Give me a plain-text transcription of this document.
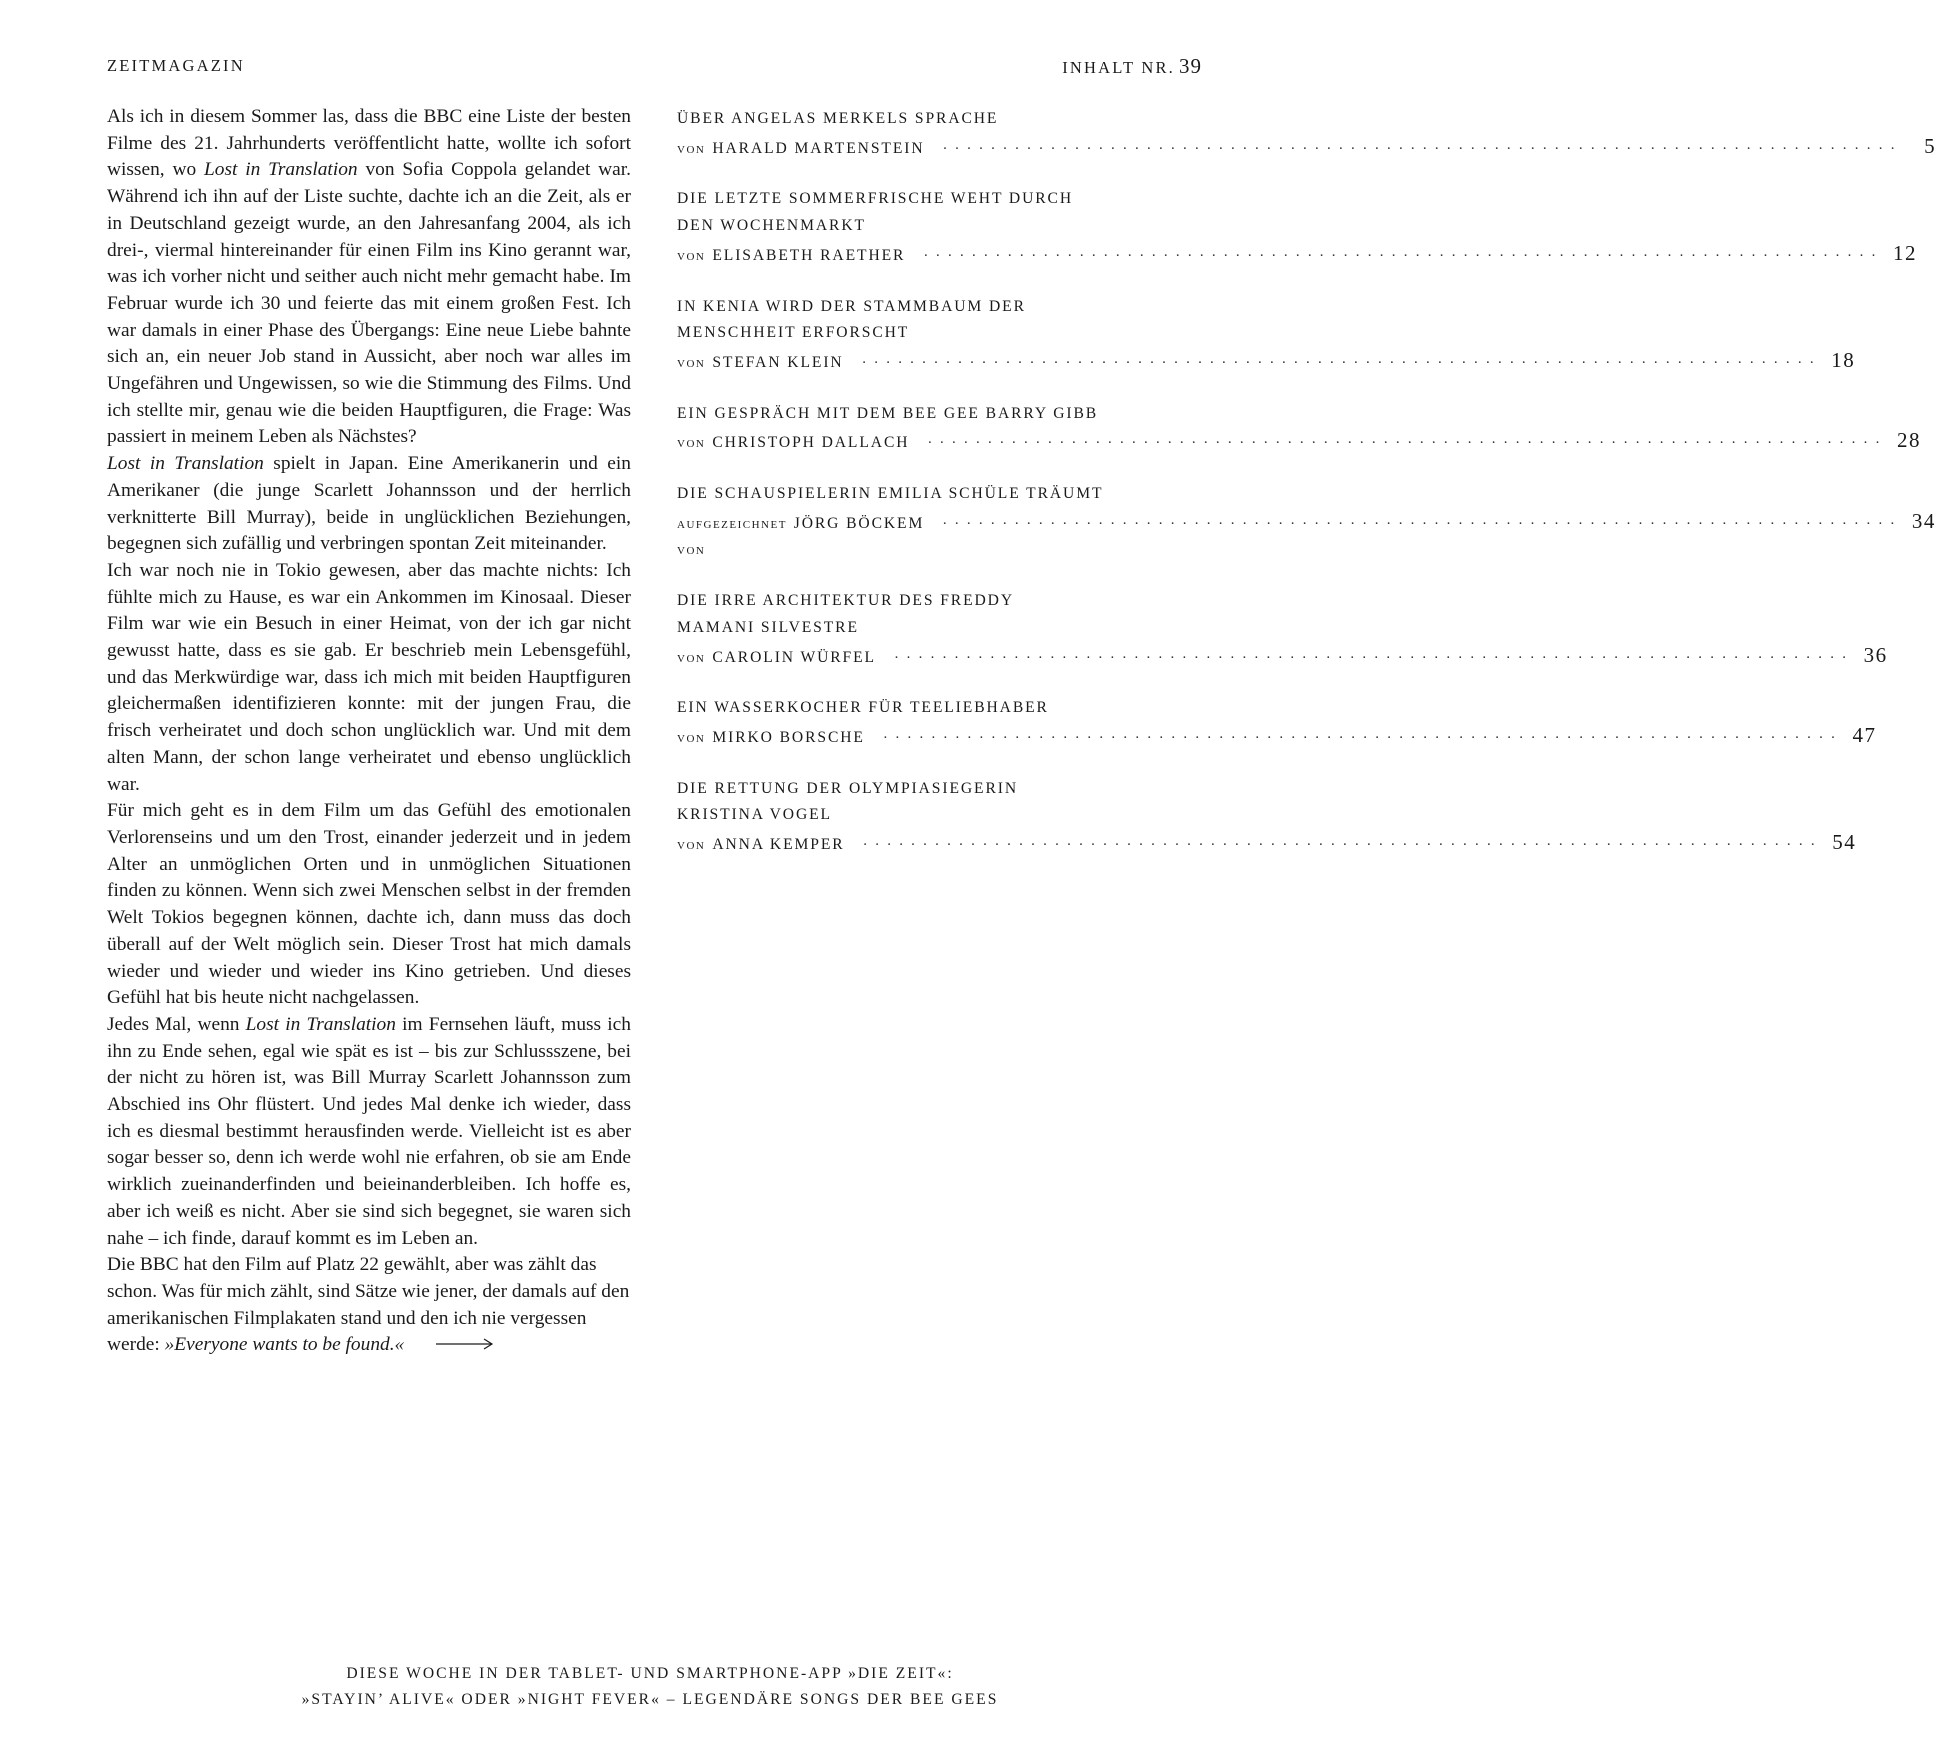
ZEITMAGAZIN	INHALT NR. 39

Als ich in diesem Sommer las, dass die BBC eine Liste der besten Filme des 21. Jahrhunderts veröffentlicht hatte, wollte ich sofort wissen, wo Lost in Translation von Sofia Coppola gelandet war. Während ich ihn auf der Liste suchte, dachte ich an die Zeit, als er in Deutschland gezeigt wurde, an den Jahresanfang 2004, als ich drei-, viermal hintereinander für einen Film ins Kino gerannt war, was ich vorher nicht und seither auch nicht mehr gemacht habe. Im Februar wurde ich 30 und feierte das mit einem großen Fest. Ich war damals in einer Phase des Übergangs: Eine neue Liebe bahnte sich an, ein neuer Job stand in Aussicht, aber noch war alles im Ungefähren und Ungewissen, so wie die Stimmung des Films. Und ich stellte mir, genau wie die beiden Hauptfiguren, die Frage: Was passiert in meinem Leben als Nächstes?

Lost in Translation spielt in Japan. Eine Amerikanerin und ein Amerikaner (die junge Scarlett Johannsson und der herrlich verknitterte Bill Murray), beide in unglücklichen Beziehungen, begegnen sich zufällig und verbringen spontan Zeit miteinander.

Ich war noch nie in Tokio gewesen, aber das machte nichts: Ich fühlte mich zu Hause, es war ein Ankommen im Kinosaal. Dieser Film war wie ein Besuch in einer Heimat, von der ich gar nicht gewusst hatte, dass es sie gab. Er beschrieb mein Lebensgefühl, und das Merkwürdige war, dass ich mich mit beiden Hauptfiguren gleichermaßen identifizieren konnte: mit der jungen Frau, die frisch verheiratet und doch schon unglücklich war. Und mit dem alten Mann, der schon lange verheiratet und ebenso unglücklich war.

Für mich geht es in dem Film um das Gefühl des emotionalen Verlorenseins und um den Trost, einander jederzeit und in jedem Alter an unmöglichen Orten und in unmöglichen Situationen finden zu können. Wenn sich zwei Menschen selbst in der fremden Welt Tokios begegnen können, dachte ich, dann muss das doch überall auf der Welt möglich sein. Dieser Trost hat mich damals wieder und wieder und wieder ins Kino getrieben. Und dieses Gefühl hat bis heute nicht nachgelassen.

Jedes Mal, wenn Lost in Translation im Fernsehen läuft, muss ich ihn zu Ende sehen, egal wie spät es ist – bis zur Schlussszene, bei der nicht zu hören ist, was Bill Murray Scarlett Johannsson zum Abschied ins Ohr flüstert. Und jedes Mal denke ich wieder, dass ich es diesmal bestimmt herausfinden werde. Vielleicht ist es aber sogar besser so, denn ich werde wohl nie erfahren, ob sie am Ende wirklich zueinanderfinden und beieinanderbleiben. Ich hoffe es, aber ich weiß es nicht. Aber sie sind sich begegnet, sie waren sich nahe – ich finde, darauf kommt es im Leben an.

Die BBC hat den Film auf Platz 22 gewählt, aber was zählt das schon. Was für mich zählt, sind Sätze wie jener, der damals auf den amerikanischen Filmplakaten stand und den ich nie vergessen werde: »Everyone wants to be found.«

ÜBER ANGELAS MERKELS SPRACHE
VON HARALD MARTENSTEIN ················································································	5
DIE LETZTE SOMMERFRISCHE WEHT DURCH
DEN WOCHENMARKT
VON ELISABETH RAETHER ················································································ 12
IN KENIA WIRD DER STAMMBAUM DER
MENSCHHEIT ERFORSCHT
VON STEFAN KLEIN ················································································ 18
EIN GESPRÄCH MIT DEM BEE GEE BARRY GIBB
VON CHRISTOPH DALLACH ················································································ 28
DIE SCHAUSPIELERIN EMILIA SCHÜLE TRÄUMT
AUFGEZEICHNET VON
JÖRG BÖCKEM ················································································ 34
DIE IRRE ARCHITEKTUR DES FREDDY
MAMANI SILVESTRE
VON CAROLIN WÜRFEL ················································································ 36
EIN WASSERKOCHER FÜR TEELIEBHABER
VON MIRKO BORSCHE ················································································ 47
DIE RETTUNG DER OLYMPIASIEGERIN
KRISTINA VOGEL
VON ANNA KEMPER ················································································ 54
DIESE WOCHE IN DER TABLET- UND SMARTPHONE-APP »DIE ZEIT«:
»STAYIN’ ALIVE« ODER »NIGHT FEVER« – LEGENDÄRE SONGS DER BEE GEES
